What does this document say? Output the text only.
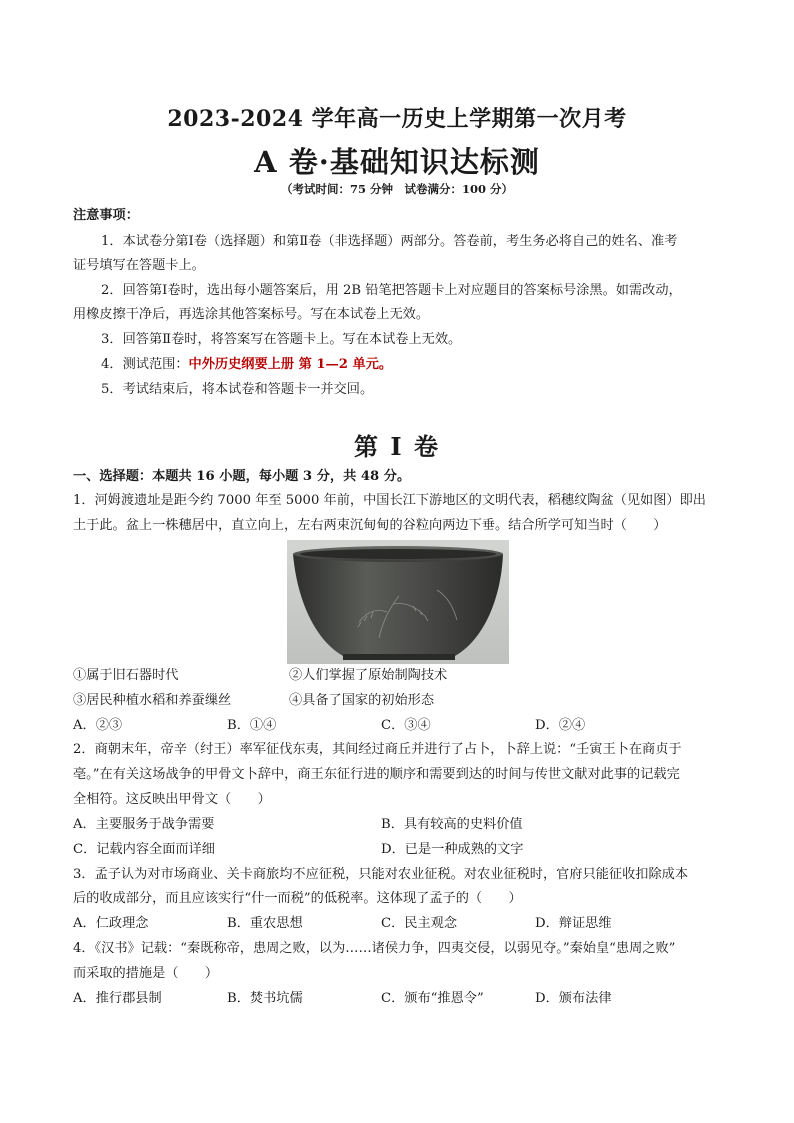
2023-2024 学年高一历史上学期第一次月考
A 卷·基础知识达标测
（考试时间：75 分钟　试卷满分：100 分）
注意事项：
1．本试卷分第Ⅰ卷（选择题）和第Ⅱ卷（非选择题）两部分。答卷前，考生务必将自己的姓名、准考
证号填写在答题卡上。
2．回答第Ⅰ卷时，选出每小题答案后，用 2B 铅笔把答题卡上对应题目的答案标号涂黑。如需改动，
用橡皮擦干净后，再选涂其他答案标号。写在本试卷上无效。
3．回答第Ⅱ卷时，将答案写在答题卡上。写在本试卷上无效。
4．测试范围：中外历史纲要上册 第 1—2 单元。
5．考试结束后，将本试卷和答题卡一并交回。
第 I 卷
一、选择题：本题共 16 小题，每小题 3 分，共 48 分。
1．河姆渡遗址是距今约 7000 年至 5000 年前，中国长江下游地区的文明代表，稻穗纹陶盆（见如图）即出
土于此。盆上一株穗居中，直立向上，左右两束沉甸甸的谷粒向两边下垂。结合所学可知当时（　　）
①属于旧石器时代	②人们掌握了原始制陶技术
③居民种植水稻和养蚕缫丝	④具备了国家的初始形态
A．②③	B．①④	C．③④	D．②④
2．商朝末年，帝辛（纣王）率军征伐东夷，其间经过商丘并进行了占卜，卜辞上说：“壬寅王卜在商贞于
亳。”在有关这场战争的甲骨文卜辞中，商王东征行进的顺序和需要到达的时间与传世文献对此事的记载完
全相符。这反映出甲骨文（　　）
A．主要服务于战争需要	B．具有较高的史料价值
C．记载内容全面而详细	D．已是一种成熟的文字
3．孟子认为对市场商业、关卡商旅均不应征税，只能对农业征税。对农业征税时，官府只能征收扣除成本
后的收成部分，而且应该实行“什一而税”的低税率。这体现了孟子的（　　）
A．仁政理念	B．重农思想	C．民主观念	D．辩证思维
4．《汉书》记载：“秦既称帝，患周之败，以为……诸侯力争，四夷交侵，以弱见夺。”秦始皇“患周之败”
而采取的措施是（　　）
A．推行郡县制	B．焚书坑儒	C．颁布“推恩令”	D．颁布法律
